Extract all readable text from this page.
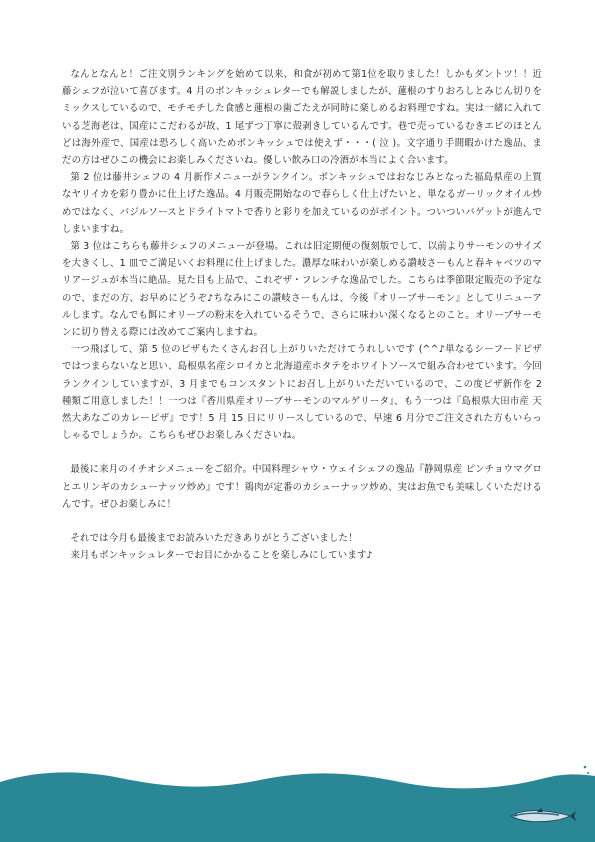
なんとなんと！ご注文別ランキングを始めて以来、和食が初めて第1位を取りました！しかもダントツ！！近藤シェフが泣いて喜びます。4 月のボンキッシュレターでも解説しましたが、蓮根のすりおろしとみじん切りをミックスしているので、モチモチした食感と蓮根の歯ごたえが同時に楽しめるお料理ですね。実は一緒に入れている芝海老は、国産にこだわるが故、1 尾ずつ丁寧に殻剥きしているんです。巷で売っているむきエビのほとんどは海外産で、国産は恐ろしく高いためボンキッシュでは使えず・・・( 泣 )。文字通り手間暇かけた逸品、まだの方はぜひこの機会にお楽しみくださいね。優しい飲み口の冷酒が本当によく合います。

第 2 位は藤井シェフの 4 月新作メニューがランクイン。ボンキッシュではおなじみとなった福島県産の上質なヤリイカを彩り豊かに仕上げた逸品。4 月販売開始なので春らしく仕上げたいと、単なるガーリックオイル炒めではなく、バジルソースとドライトマトで香りと彩りを加えているのがポイント。ついついバゲットが進んでしまいますね。

第 3 位はこちらも藤井シェフのメニューが登場。これは旧定期便の復刻版でして、以前よりサーモンのサイズを大きくし、1 皿でご満足いくお料理に仕上げました。濃厚な味わいが楽しめる讃岐さーもんと春キャベツのマリアージュが本当に絶品。見た目も上品で、これぞザ・フレンチな逸品でした。こちらは季節限定販売の予定なので、まだの方、お早めにどうぞ♪ちなみにこの讃岐さーもんは、今後『オリーブサーモン』としてリニューアルします。なんでも餌にオリーブの粉末を入れているそうで、さらに味わい深くなるとのこと。オリーブサーモンに切り替える際には改めてご案内しますね。

一つ飛ばして、第 5 位のピザもたくさんお召し上がりいただけてうれしいです (^^♪単なるシーフードピザではつまらないなと思い、島根県名産シロイカと北海道産ホタテをホワイトソースで組み合わせています。今回ランクインしていますが、3 月までもコンスタントにお召し上がりいただいているので、この度ピザ新作を 2 種類ご用意しました！！一つは『香川県産オリーブサーモンのマルゲリータ』、もう一つは『島根県大田市産 天然大あなごのカレーピザ』です！5 月 15 日にリリースしているので、早速 6 月分でご注文された方もいらっしゃるでしょうか。こちらもぜひお楽しみくださいね。

最後に来月のイチオシメニューをご紹介。中国料理シャウ・ウェイシェフの逸品『静岡県産 ピンチョウマグロとエリンギのカシューナッツ炒め』です！鶏肉が定番のカシューナッツ炒め、実はお魚でも美味しくいただけるんです。ぜひお楽しみに！

それでは今月も最後までお読みいただきありがとうございました！

来月もボンキッシュレターでお目にかかることを楽しみにしています♪
